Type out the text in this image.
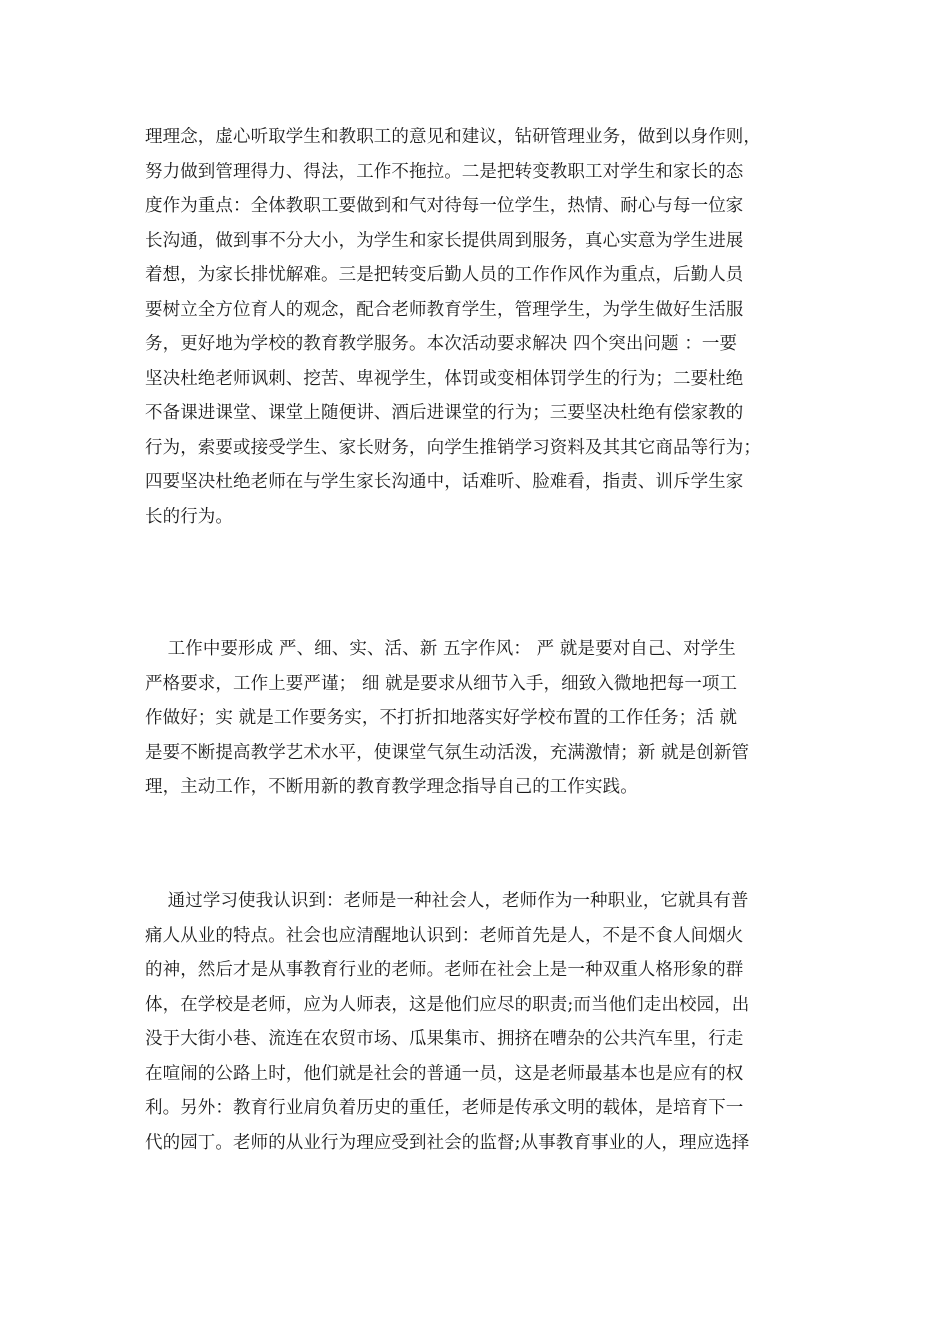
理理念，虚心听取学生和教职工的意见和建议，钻研管理业务，做到以身作则，
努力做到管理得力、得法，工作不拖拉。二是把转变教职工对学生和家长的态
度作为重点：全体教职工要做到和气对待每一位学生，热情、耐心与每一位家
长沟通，做到事不分大小，为学生和家长提供周到服务，真心实意为学生进展
着想，为家长排忧解难。三是把转变后勤人员的工作作风作为重点，后勤人员
要树立全方位育人的观念，配合老师教育学生，管理学生，为学生做好生活服
务，更好地为学校的教育教学服务。本次活动要求解决 四个突出问题 ：一要
坚决杜绝老师讽刺、挖苦、卑视学生，体罚或变相体罚学生的行为；二要杜绝
不备课进课堂、课堂上随便讲、酒后进课堂的行为；三要坚决杜绝有偿家教的
行为，索要或接受学生、家长财务，向学生推销学习资料及其其它商品等行为；
四要坚决杜绝老师在与学生家长沟通中，话难听、脸难看，指责、训斥学生家
长的行为。
工作中要形成 严、细、实、活、新 五字作风： 严 就是要对自己、对学生
严格要求，工作上要严谨； 细 就是要求从细节入手，细致入微地把每一项工
作做好；实 就是工作要务实，不打折扣地落实好学校布置的工作任务；活 就
是要不断提高教学艺术水平，使课堂气氛生动活泼，充满激情；新 就是创新管
理，主动工作，不断用新的教育教学理念指导自己的工作实践。
通过学习使我认识到：老师是一种社会人，老师作为一种职业，它就具有普
痛人从业的特点。社会也应清醒地认识到：老师首先是人，不是不食人间烟火
的神，然后才是从事教育行业的老师。老师在社会上是一种双重人格形象的群
体，在学校是老师，应为人师表，这是他们应尽的职责;而当他们走出校园，出
没于大街小巷、流连在农贸市场、瓜果集市、拥挤在嘈杂的公共汽车里，行走
在喧闹的公路上时，他们就是社会的普通一员，这是老师最基本也是应有的权
利。另外：教育行业肩负着历史的重任，老师是传承文明的载体，是培育下一
代的园丁。老师的从业行为理应受到社会的监督;从事教育事业的人，理应选择
